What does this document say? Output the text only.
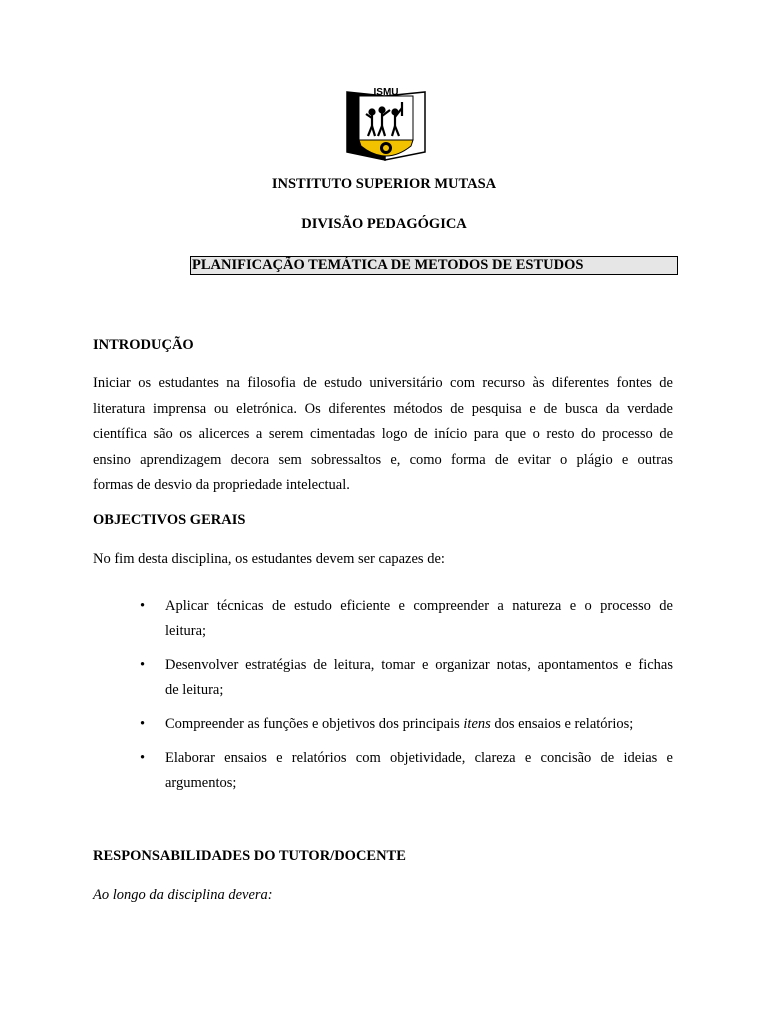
ISMU
INSTITUTO SUPERIOR MUTASA
DIVISÃO PEDAGÓGICA
PLANIFICAÇÃO TEMÁTICA DE METODOS DE ESTUDOS
INTRODUÇÃO
Iniciar os estudantes na filosofia de estudo universitário com recurso às diferentes fontes de
literatura imprensa ou eletrónica. Os diferentes métodos de pesquisa e de busca da verdade
científica são os alicerces a serem cimentadas logo de início para que o resto do processo de
ensino aprendizagem decora sem sobressaltos e, como forma de evitar o plágio e outras
formas de desvio da propriedade intelectual.
OBJECTIVOS GERAIS
No fim desta disciplina, os estudantes devem ser capazes de:
• Aplicar técnicas de estudo eficiente e compreender a natureza e o processo de
leitura;
• Desenvolver estratégias de leitura, tomar e organizar notas, apontamentos e fichas
de leitura;
• Compreender as funções e objetivos dos principais itens dos ensaios e relatórios;
• Elaborar ensaios e relatórios com objetividade, clareza e concisão de ideias e
argumentos;
RESPONSABILIDADES DO TUTOR/DOCENTE
Ao longo da disciplina devera:
